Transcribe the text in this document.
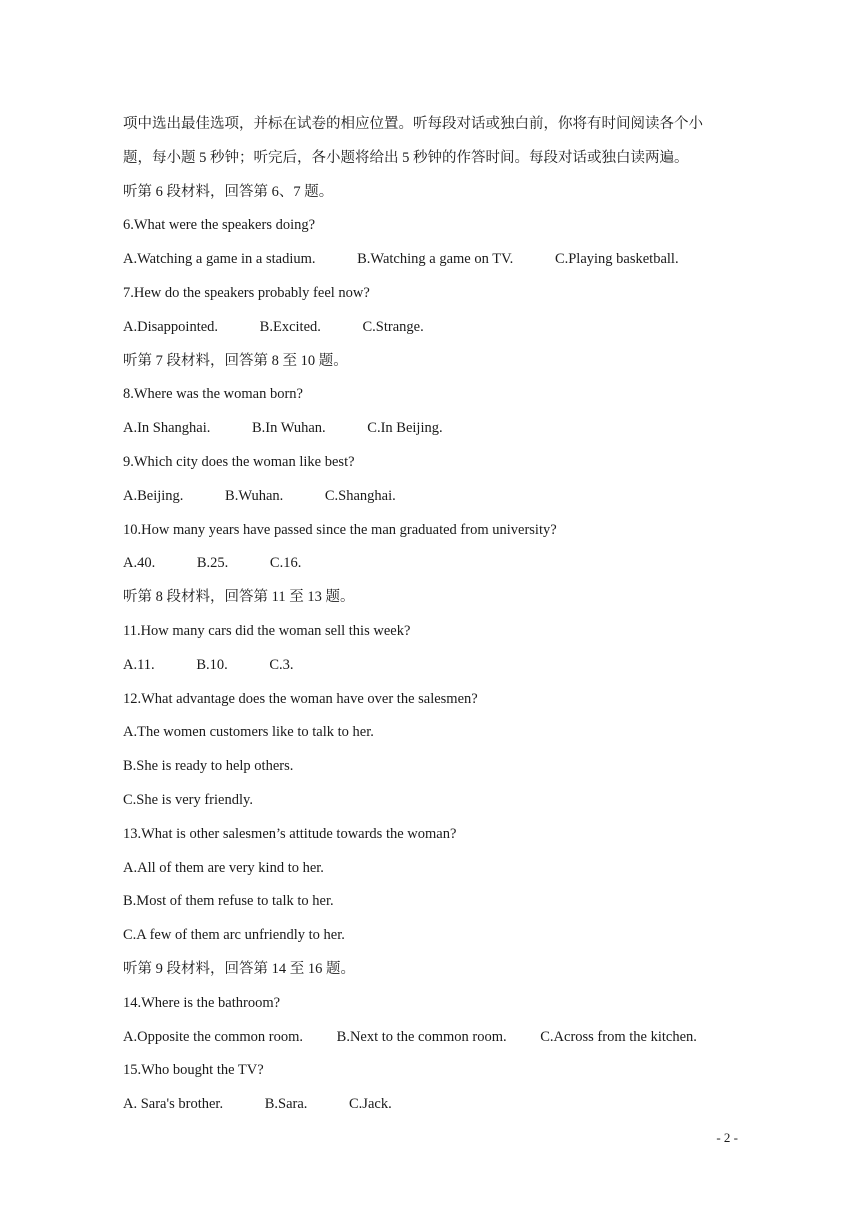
项中选出最佳选项，并标在试卷的相应位置。听每段对话或独白前，你将有时间阅读各个小
题，每小题 5 秒钟；听完后，各小题将给出 5 秒钟的作答时间。每段对话或独白读两遍。
听第 6 段材料，回答第 6、7 题。
6.What were the speakers doing?
A.Watching a game in a stadium.	B.Watching a game on TV.	C.Playing basketball.
7.Hew do the speakers probably feel now?
A.Disappointed.	B.Excited.	C.Strange.
听第 7 段材料，回答第 8 至 10 题。
8.Where was the woman born?
A.In Shanghai.	B.In Wuhan.	C.In Beijing.
9.Which city does the woman like best?
A.Beijing.	B.Wuhan.	C.Shanghai.
10.How many years have passed since the man graduated from university?
A.40.	B.25.	C.16.
听第 8 段材料，回答第 11 至 13 题。
11.How many cars did the woman sell this week?
A.11.	B.10.	C.3.
12.What advantage does the woman have over the salesmen?
A.The women customers like to talk to her.
B.She is ready to help others.
C.She is very friendly.
13.What is other salesmen’s attitude towards the woman?
A.All of them are very kind to her.
B.Most of them refuse to talk to her.
C.A few of them arc unfriendly to her.
听第 9 段材料，回答第 14 至 16 题。
14.Where is the bathroom?
A.Opposite the common room. B.Next to the common room. C.Across from the kitchen.
15.Who bought the TV?
A. Sara's brother.	B.Sara.	C.Jack.
- 2 -
